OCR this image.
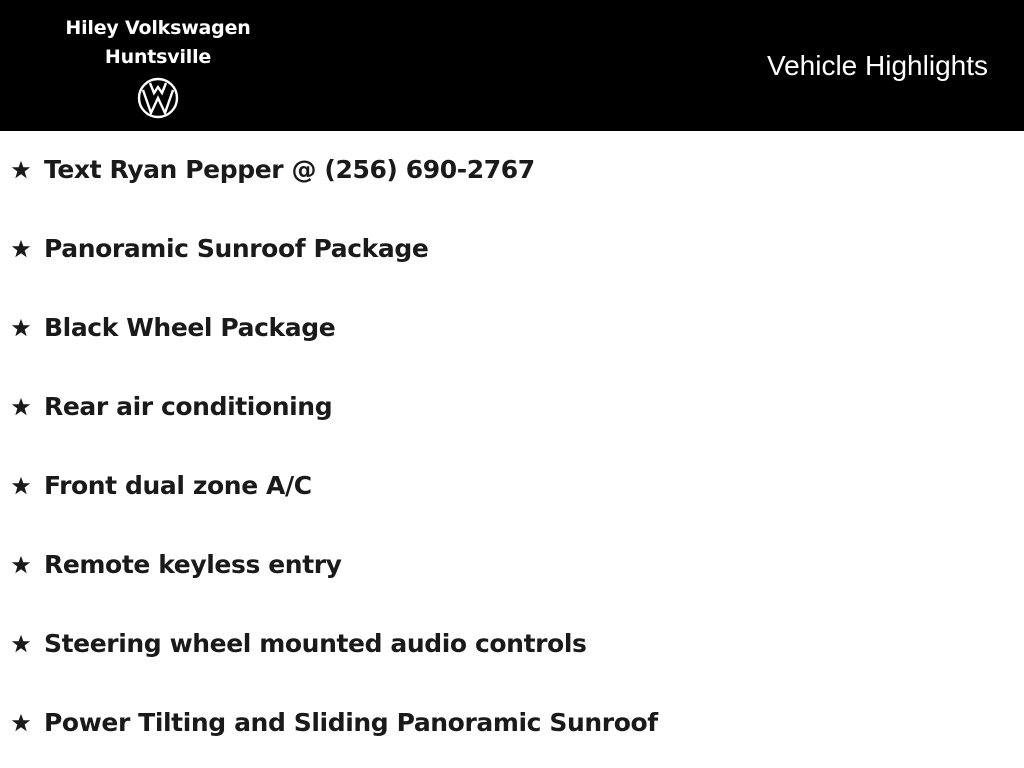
Hiley Volkswagen
Huntsville	Vehicle Highlights
Text Ryan Pepper @ (256) 690-2767
Panoramic Sunroof Package
Black Wheel Package
Rear air conditioning
Front dual zone A/C
Remote keyless entry
Steering wheel mounted audio controls
Power Tilting and Sliding Panoramic Sunroof
